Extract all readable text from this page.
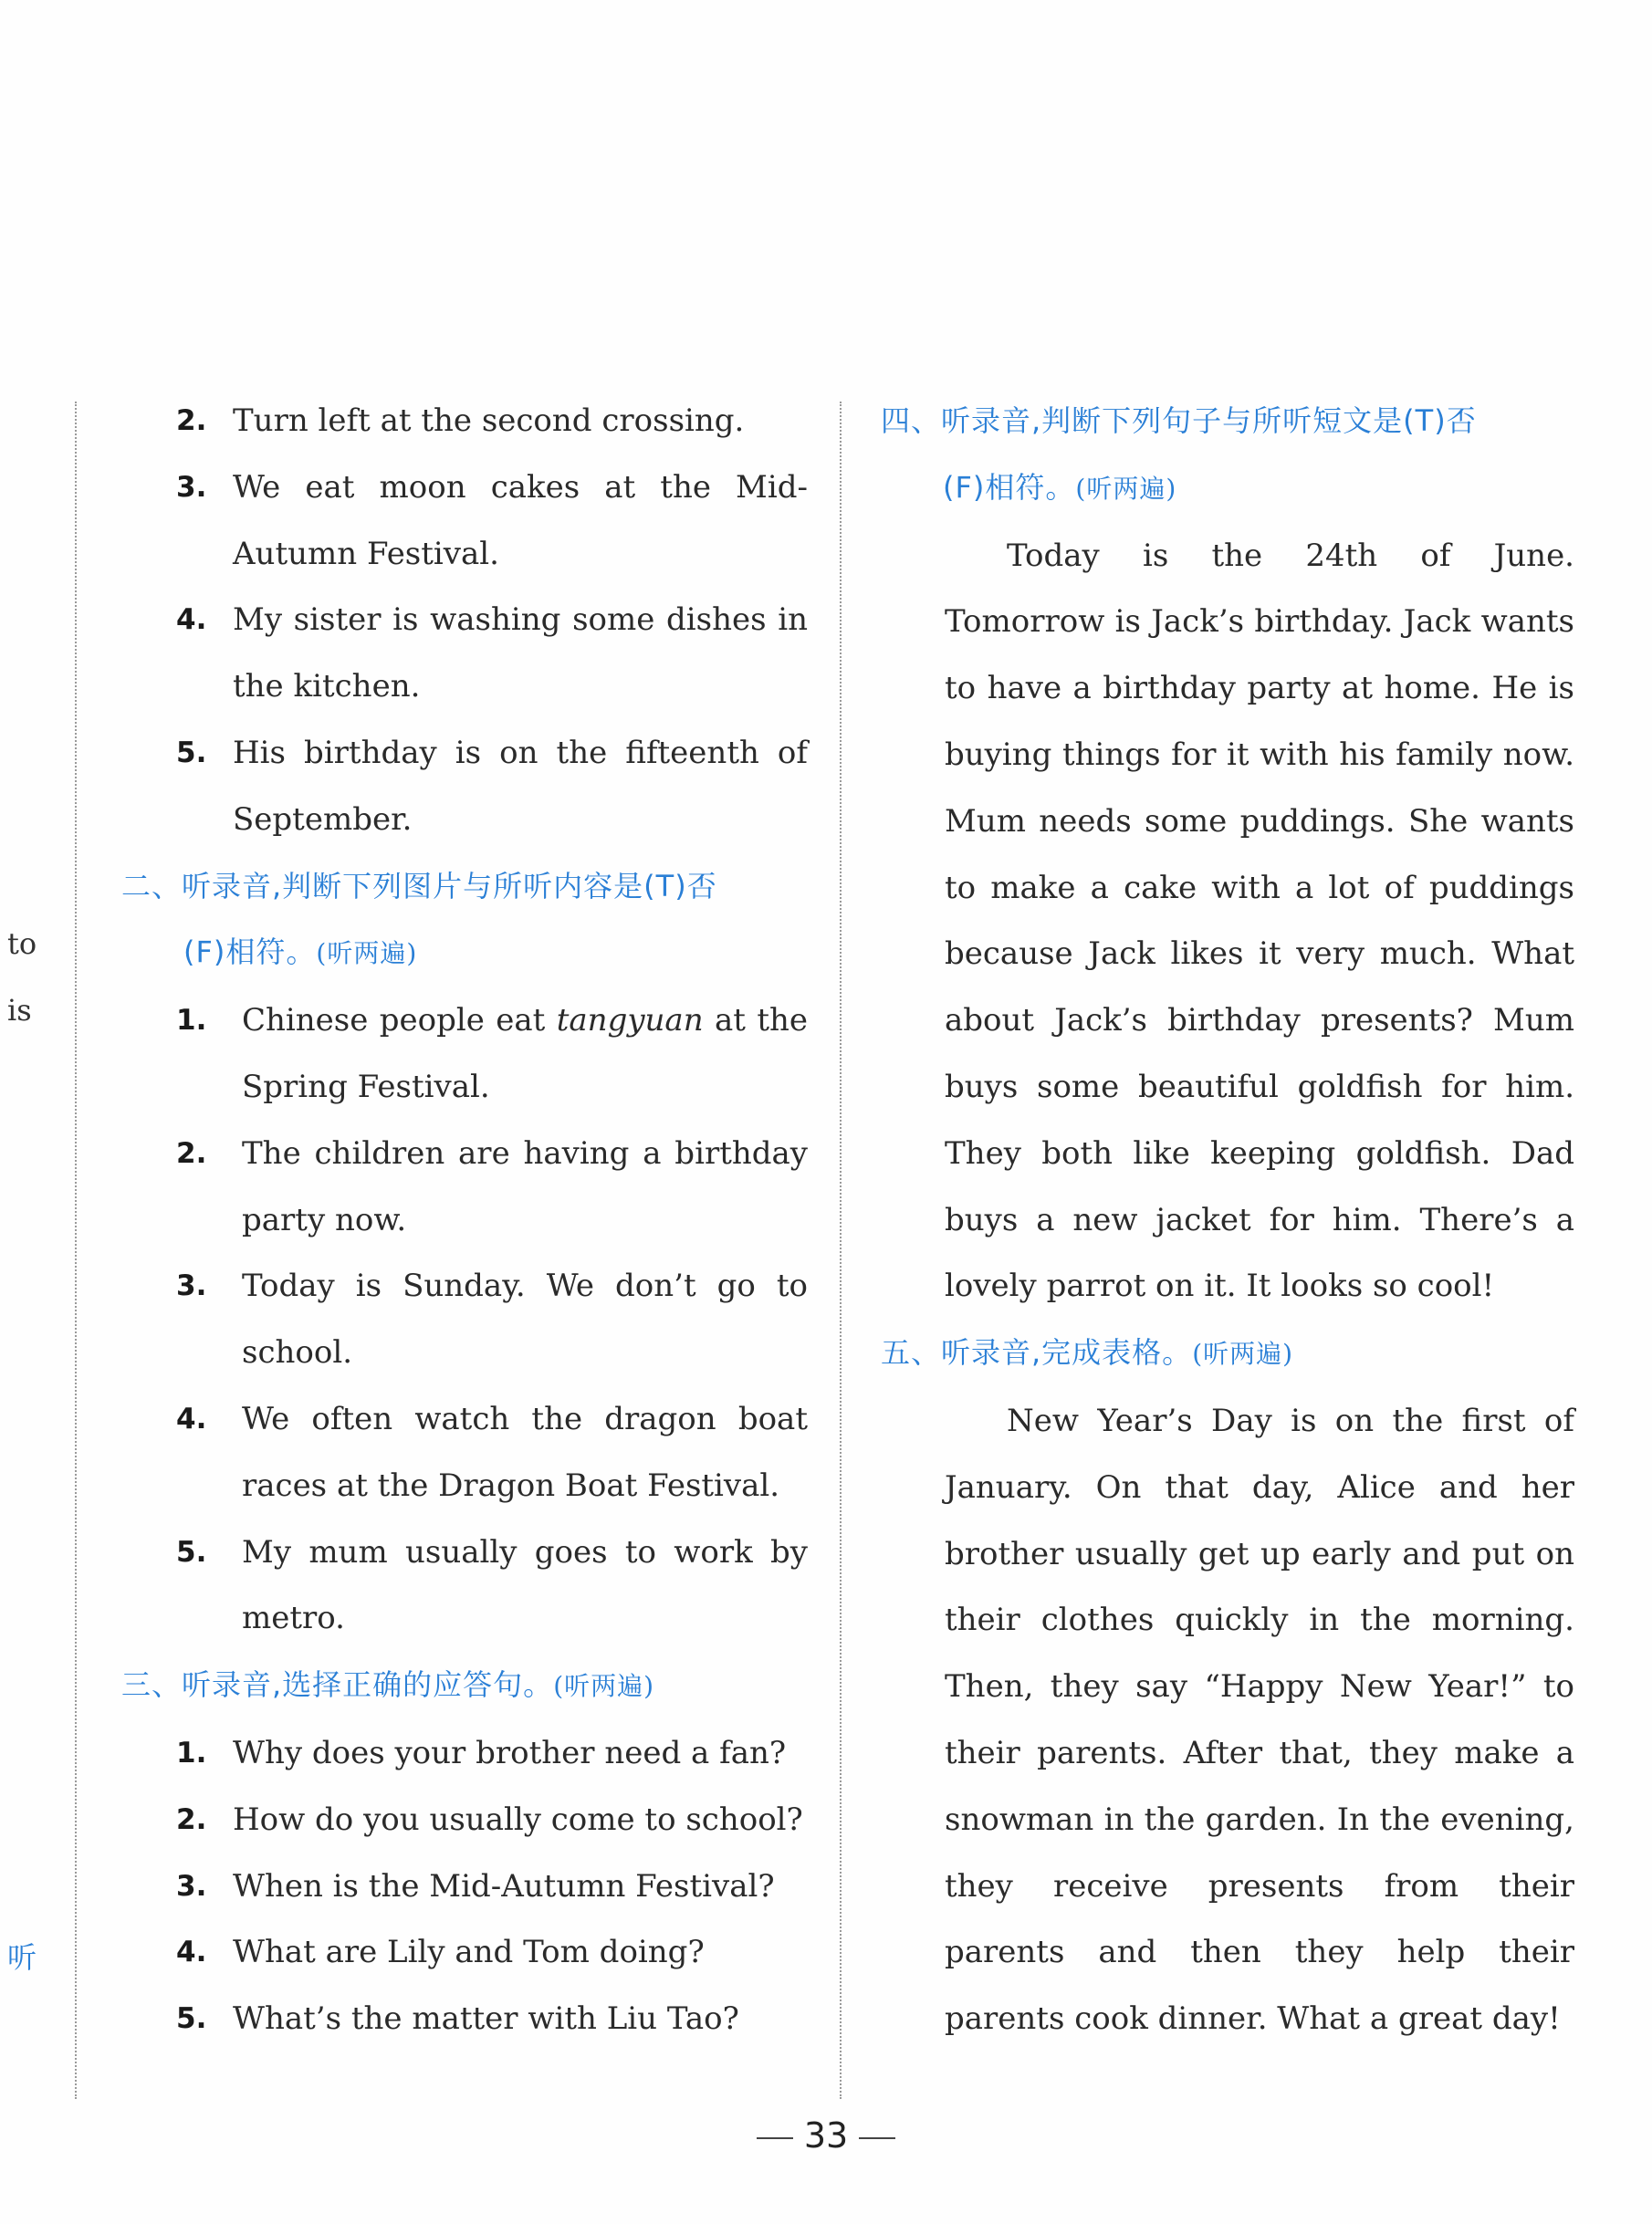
to
is
听
2. Turn left at the second crossing.
3. We eat moon cakes at the Mid-Autumn Festival.
4. My sister is washing some dishes in the kitchen.
5. His birthday is on the fifteenth of September.
二、听录音,判断下列图片与所听内容是(T)否
(F)相符。(听两遍)
1.	Chinese people eat tangyuan at the Spring Festival.
2.	The children are having a birthday party now.
3.	Today is Sunday. We don’t go to school.
4.	We often watch the dragon boat races at the Dragon Boat Festival.
5.	My mum usually goes to work by metro.
三、听录音,选择正确的应答句。(听两遍)
1. Why does your brother need a fan?
2. How do you usually come to school?
3. When is the Mid-Autumn Festival?
4. What are Lily and Tom doing?
5. What’s the matter with Liu Tao?
四、听录音,判断下列句子与所听短文是(T)否
(F)相符。(听两遍)

Today is the 24th of June. Tomorrow is Jack’s birthday. Jack wants to have a birthday party at home. He is buying things for it with his family now. Mum needs some puddings. She wants to make a cake with a lot of puddings because Jack likes it very much. What about Jack’s birthday presents? Mum buys some beautiful goldfish for him. They both like keeping goldfish. Dad buys a new jacket for him. There’s a lovely parrot on it. It looks so cool!

五、听录音,完成表格。(听两遍)

New Year’s Day is on the first of January. On that day, Alice and her brother usually get up early and put on their clothes quickly in the morning. Then, they say “Happy New Year!” to their parents. After that, they make a snowman in the garden. In the evening, they receive presents from their parents and then they help their parents cook dinner. What a great day!

33
